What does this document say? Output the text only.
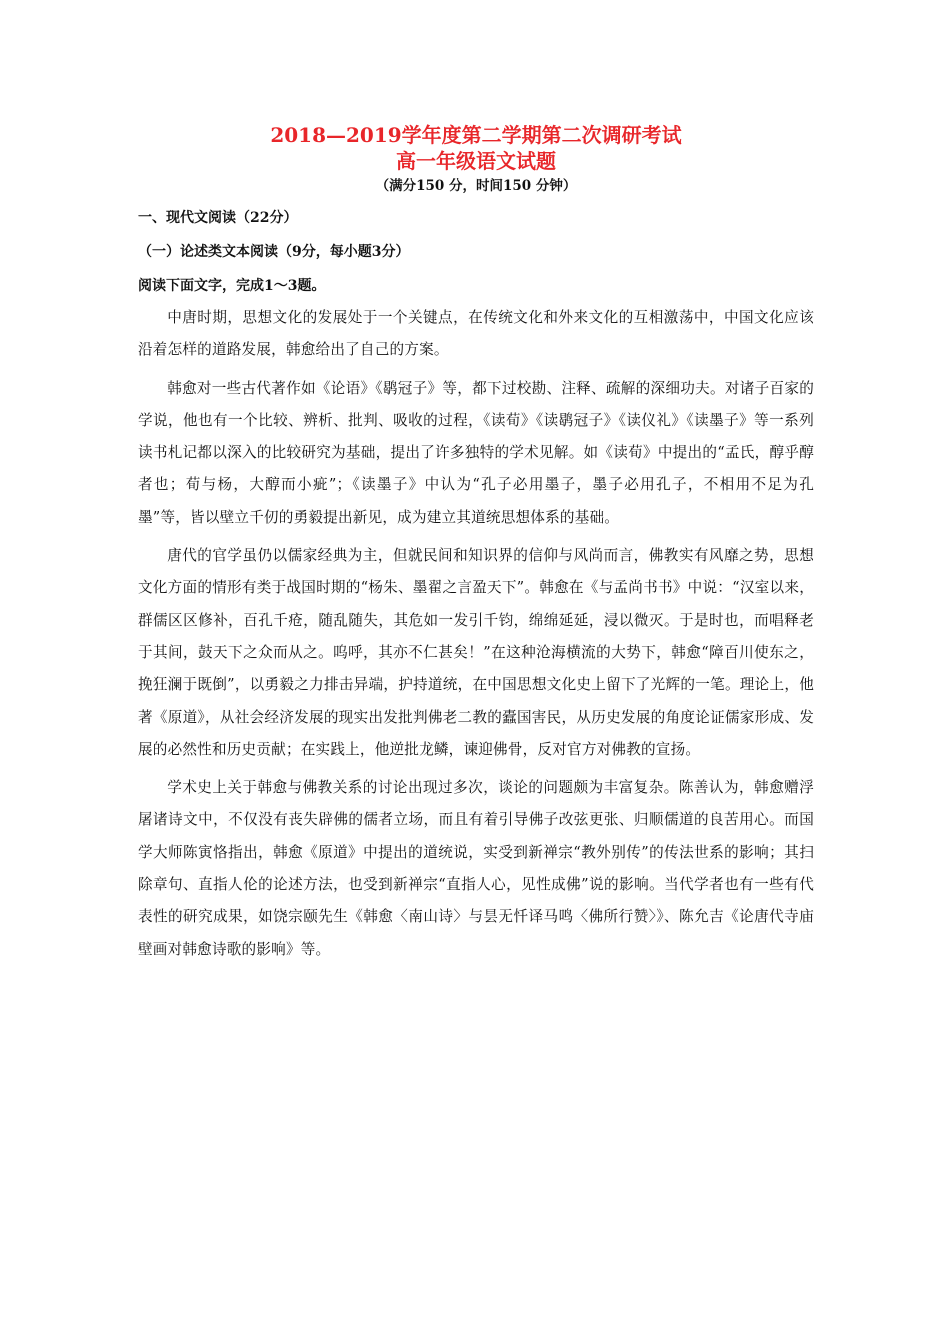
2018—2019学年度第二学期第二次调研考试
高一年级语文试题
（满分150 分，时间150 分钟）
一、现代文阅读（22分）
（一）论述类文本阅读（9分，每小题3分）
阅读下面文字，完成1～3题。

中唐时期，思想文化的发展处于一个关键点，在传统文化和外来文化的互相激荡中，中国文化应该沿着怎样的道路发展，韩愈给出了自己的方案。

韩愈对一些古代著作如《论语》《鹖冠子》等，都下过校勘、注释、疏解的深细功夫。对诸子百家的学说，他也有一个比较、辨析、批判、吸收的过程，《读荀》《读鹖冠子》《读仪礼》《读墨子》等一系列读书札记都以深入的比较研究为基础，提出了许多独特的学术见解。如《读荀》中提出的“孟氏，醇乎醇者也；荀与杨，大醇而小疵”；《读墨子》中认为“孔子必用墨子，墨子必用孔子，不相用不足为孔墨”等，皆以壁立千仞的勇毅提出新见，成为建立其道统思想体系的基础。

唐代的官学虽仍以儒家经典为主，但就民间和知识界的信仰与风尚而言，佛教实有风靡之势，思想文化方面的情形有类于战国时期的“杨朱、墨翟之言盈天下”。韩愈在《与孟尚书书》中说：“汉室以来，群儒区区修补，百孔千疮，随乱随失，其危如一发引千钧，绵绵延延，浸以微灭。于是时也，而唱释老于其间，鼓天下之众而从之。呜呼，其亦不仁甚矣！”在这种沧海横流的大势下，韩愈“障百川使东之，挽狂澜于既倒”，以勇毅之力排击异端，护持道统，在中国思想文化史上留下了光辉的一笔。理论上，他著《原道》，从社会经济发展的现实出发批判佛老二教的蠹国害民，从历史发展的角度论证儒家形成、发展的必然性和历史贡献；在实践上，他逆批龙鳞，谏迎佛骨，反对官方对佛教的宣扬。

学术史上关于韩愈与佛教关系的讨论出现过多次，谈论的问题颇为丰富复杂。陈善认为，韩愈赠浮屠诸诗文中，不仅没有丧失辟佛的儒者立场，而且有着引导佛子改弦更张、归顺儒道的良苦用心。而国学大师陈寅恪指出，韩愈《原道》中提出的道统说，实受到新禅宗“教外别传”的传法世系的影响；其扫除章句、直指人伦的论述方法，也受到新禅宗“直指人心，见性成佛”说的影响。当代学者也有一些有代表性的研究成果，如饶宗颐先生《韩愈〈南山诗〉与昙无忏译马鸣〈佛所行赞〉》、陈允吉《论唐代寺庙壁画对韩愈诗歌的影响》等。
